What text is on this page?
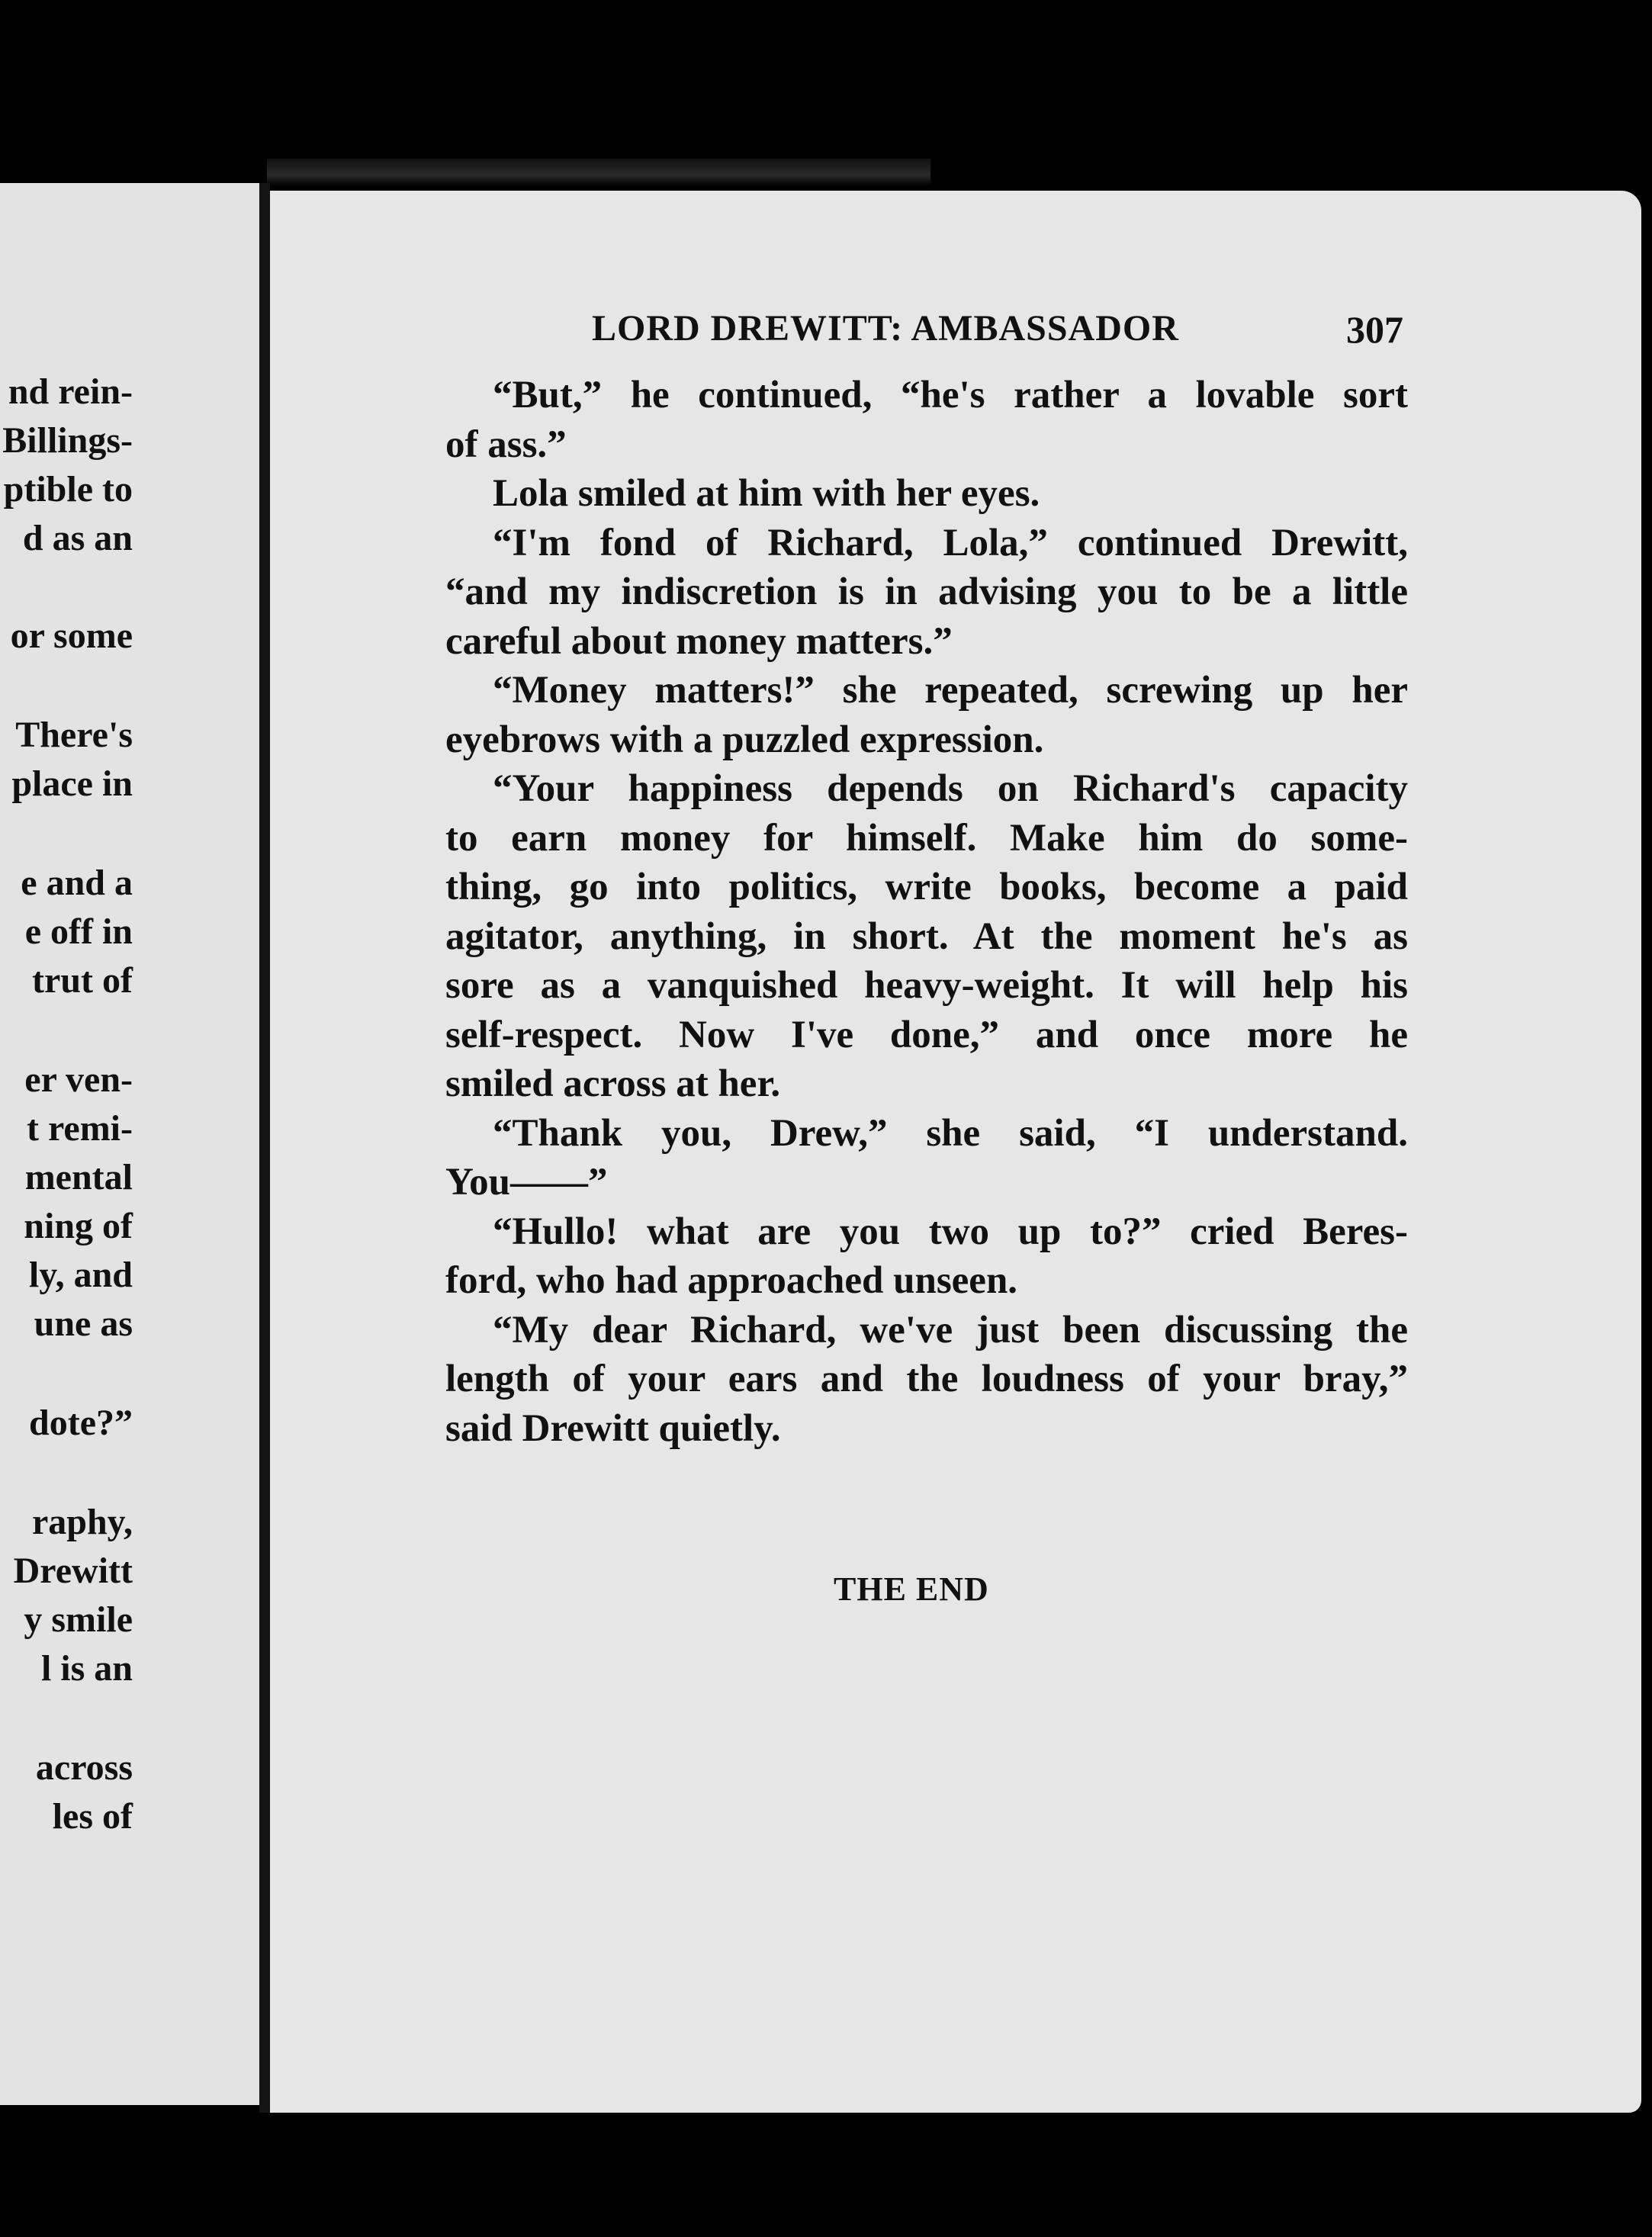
nd rein-
Billings-
ptible to
d as an
or some
There's
place in
e and a
e off in
trut of
er ven-
t remi-
mental
ning of
ly, and
une as
dote?”
raphy,
Drewitt
y smile
l is an
across
les of
LORD DREWITT: AMBASSADOR	307
“But,” he continued, “he's rather a lovable sort
of ass.”
Lola smiled at him with her eyes.
“I'm fond of Richard, Lola,” continued Drewitt,
“and my indiscretion is in advising you to be a little
careful about money matters.”
“Money matters!” she repeated, screwing up her
eyebrows with a puzzled expression.
“Your happiness depends on Richard's capacity
to earn money for himself. Make him do some-
thing, go into politics, write books, become a paid
agitator, anything, in short. At the moment he's as
sore as a vanquished heavy-weight. It will help his
self-respect. Now I've done,” and once more he
smiled across at her.
“Thank you, Drew,” she said, “I understand.
You——”
“Hullo! what are you two up to?” cried Beres-
ford, who had approached unseen.
“My dear Richard, we've just been discussing the
length of your ears and the loudness of your bray,”
said Drewitt quietly.
THE END
